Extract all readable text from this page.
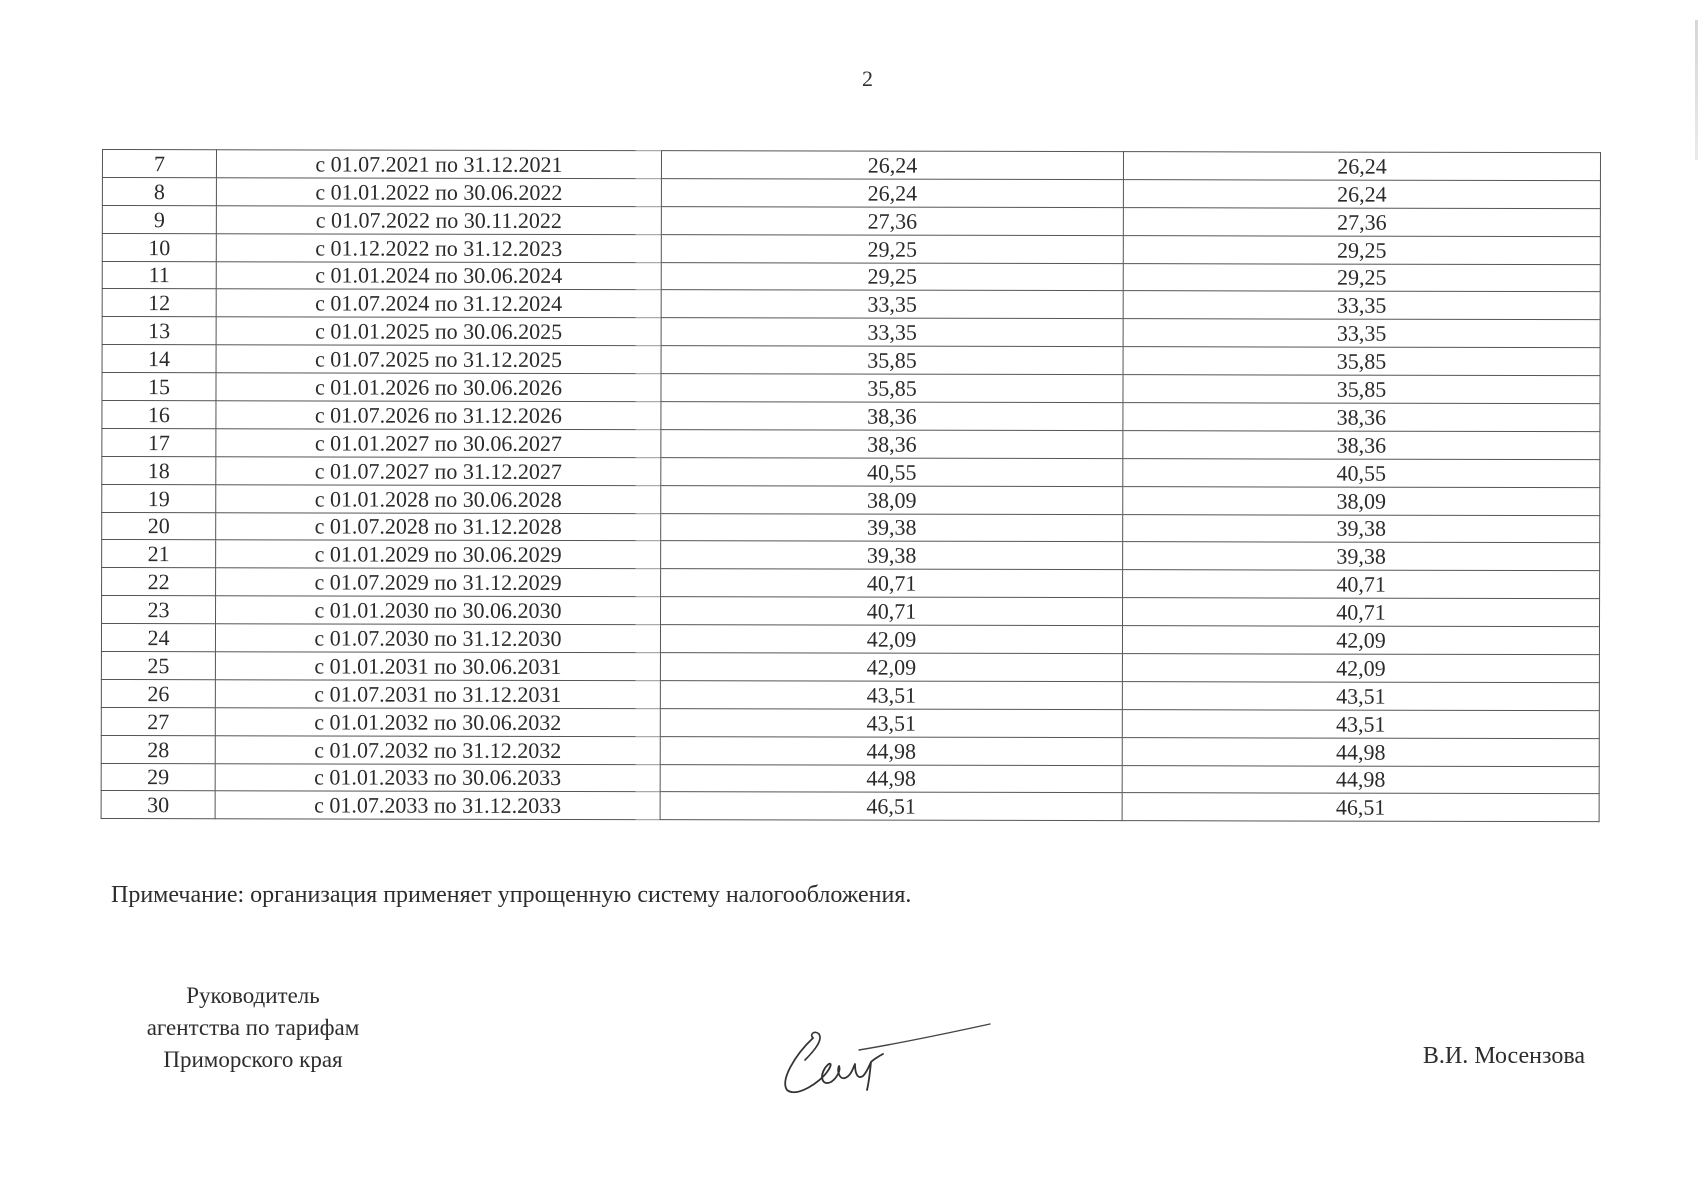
2
7	с 01.07.2021 по 31.12.2021	26,24	26,24
8	с 01.01.2022 по 30.06.2022	26,24	26,24
9	с 01.07.2022 по 30.11.2022	27,36	27,36
10	с 01.12.2022 по 31.12.2023	29,25	29,25
11	с 01.01.2024 по 30.06.2024	29,25	29,25
12	с 01.07.2024 по 31.12.2024	33,35	33,35
13	с 01.01.2025 по 30.06.2025	33,35	33,35
14	с 01.07.2025 по 31.12.2025	35,85	35,85
15	с 01.01.2026 по 30.06.2026	35,85	35,85
16	с 01.07.2026 по 31.12.2026	38,36	38,36
17	с 01.01.2027 по 30.06.2027	38,36	38,36
18	с 01.07.2027 по 31.12.2027	40,55	40,55
19	с 01.01.2028 по 30.06.2028	38,09	38,09
20	с 01.07.2028 по 31.12.2028	39,38	39,38
21	с 01.01.2029 по 30.06.2029	39,38	39,38
22	с 01.07.2029 по 31.12.2029	40,71	40,71
23	с 01.01.2030 по 30.06.2030	40,71	40,71
24	с 01.07.2030 по 31.12.2030	42,09	42,09
25	с 01.01.2031 по 30.06.2031	42,09	42,09
26	с 01.07.2031 по 31.12.2031	43,51	43,51
27	с 01.01.2032 по 30.06.2032	43,51	43,51
28	с 01.07.2032 по 31.12.2032	44,98	44,98
29	с 01.01.2033 по 30.06.2033	44,98	44,98
30	с 01.07.2033 по 31.12.2033	46,51	46,51
Примечание: организация применяет упрощенную систему налогообложения.
Руководитель
агентства по тарифам
Приморского края	В.И. Мосензова
